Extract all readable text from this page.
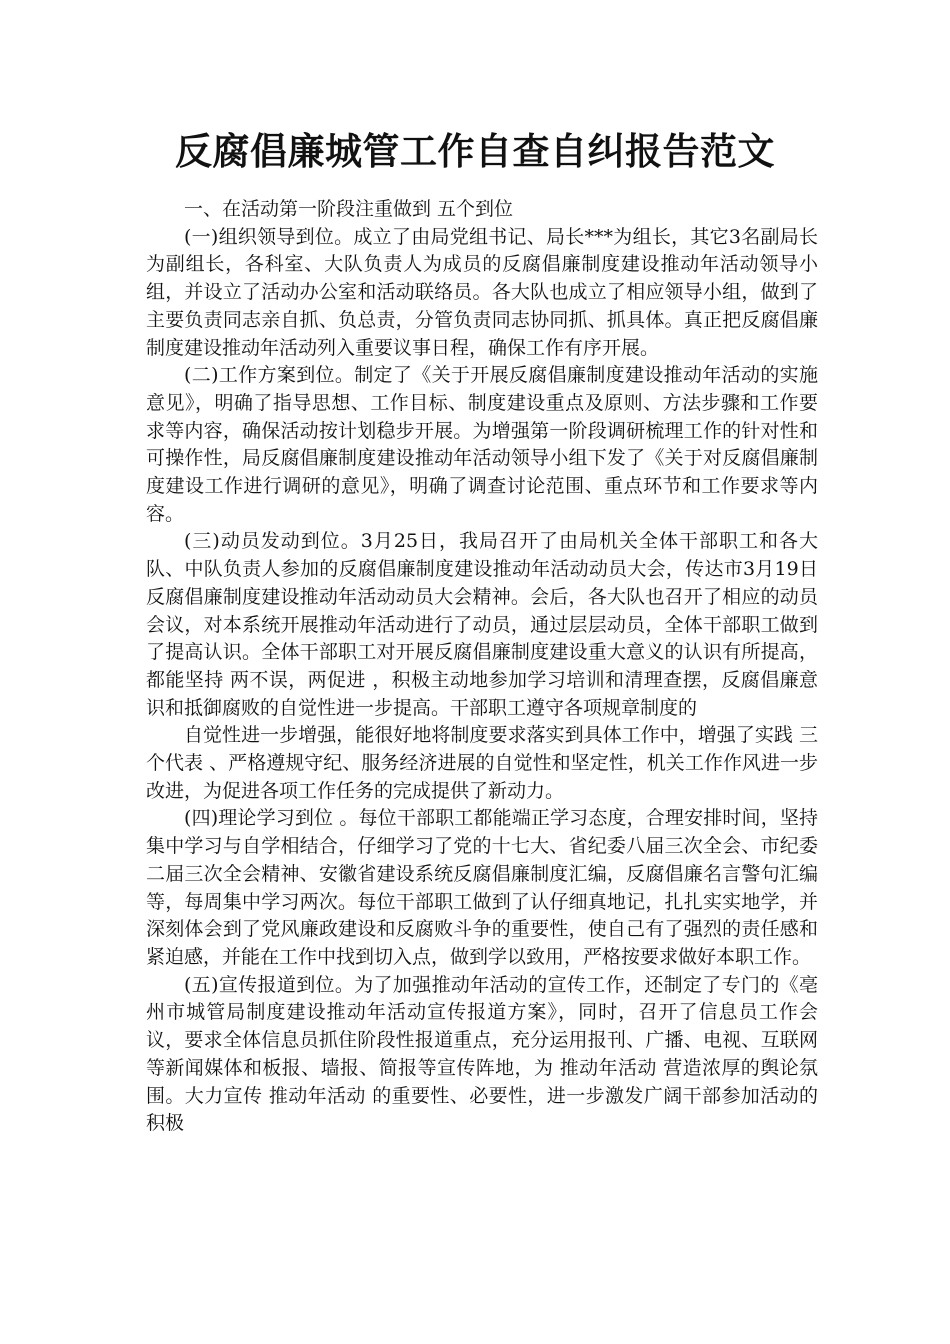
反腐倡廉城管工作自查自纠报告范文

一、在活动第一阶段注重做到 五个到位

(一)组织领导到位。成立了由局党组书记、局长***为组长，其它3名副局长为副组长，各科室、大队负责人为成员的反腐倡廉制度建设推动年活动领导小组，并设立了活动办公室和活动联络员。各大队也成立了相应领导小组，做到了主要负责同志亲自抓、负总责，分管负责同志协同抓、抓具体。真正把反腐倡廉制度建设推动年活动列入重要议事日程，确保工作有序开展。

(二)工作方案到位。制定了《关于开展反腐倡廉制度建设推动年活动的实施意见》，明确了指导思想、工作目标、制度建设重点及原则、方法步骤和工作要求等内容，确保活动按计划稳步开展。为增强第一阶段调研梳理工作的针对性和可操作性，局反腐倡廉制度建设推动年活动领导小组下发了《关于对反腐倡廉制度建设工作进行调研的意见》，明确了调查讨论范围、重点环节和工作要求等内容。

(三)动员发动到位。3月25日，我局召开了由局机关全体干部职工和各大队、中队负责人参加的反腐倡廉制度建设推动年活动动员大会，传达市3月19日反腐倡廉制度建设推动年活动动员大会精神。会后，各大队也召开了相应的动员会议，对本系统开展推动年活动进行了动员，通过层层动员，全体干部职工做到了提高认识。全体干部职工对开展反腐倡廉制度建设重大意义的认识有所提高，都能坚持 两不误，两促进 ，积极主动地参加学习培训和清理查摆，反腐倡廉意识和抵御腐败的自觉性进一步提高。干部职工遵守各项规章制度的

自觉性进一步增强，能很好地将制度要求落实到具体工作中，增强了实践 三个代表 、严格遵规守纪、服务经济进展的自觉性和坚定性，机关工作作风进一步改进，为促进各项工作任务的完成提供了新动力。

(四)理论学习到位 。每位干部职工都能端正学习态度，合理安排时间，坚持集中学习与自学相结合，仔细学习了党的十七大、省纪委八届三次全会、市纪委二届三次全会精神、安徽省建设系统反腐倡廉制度汇编，反腐倡廉名言警句汇编等，每周集中学习两次。每位干部职工做到了认仔细真地记，扎扎实实地学，并深刻体会到了党风廉政建设和反腐败斗争的重要性，使自己有了强烈的责任感和紧迫感，并能在工作中找到切入点，做到学以致用，严格按要求做好本职工作。

(五)宣传报道到位。为了加强推动年活动的宣传工作，还制定了专门的《亳州市城管局制度建设推动年活动宣传报道方案》，同时，召开了信息员工作会议，要求全体信息员抓住阶段性报道重点，充分运用报刊、广播、电视、互联网等新闻媒体和板报、墙报、简报等宣传阵地，为 推动年活动 营造浓厚的舆论氛围。大力宣传 推动年活动 的重要性、必要性，进一步激发广阔干部参加活动的积极
